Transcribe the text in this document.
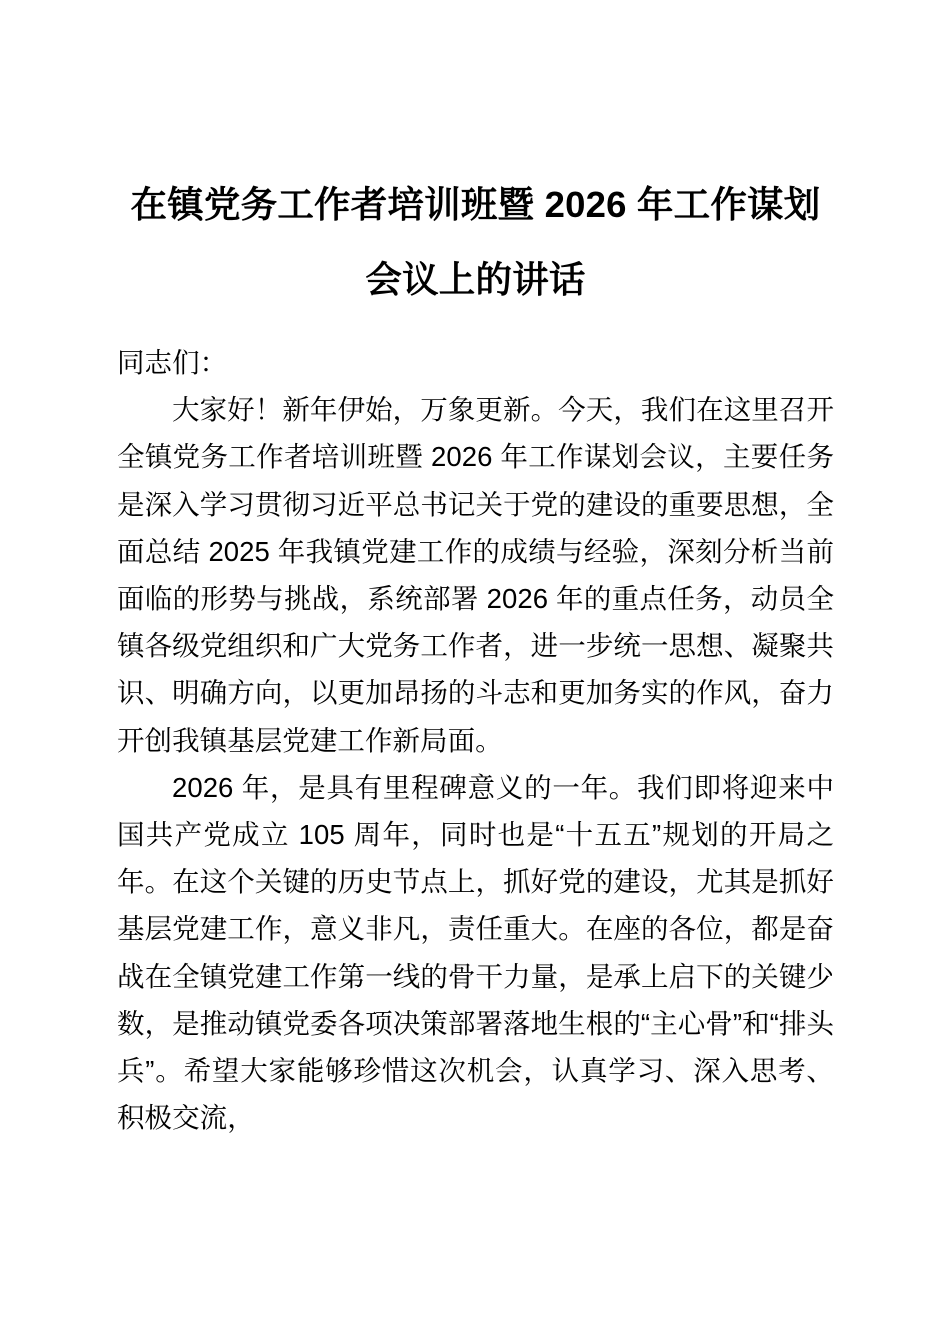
在镇党务工作者培训班暨 2026 年工作谋划
会议上的讲话

同志们：

大家好！新年伊始，万象更新。今天，我们在这里召开全镇党务工作者培训班暨 2026 年工作谋划会议，主要任务是深入学习贯彻习近平总书记关于党的建设的重要思想，全面总结 2025 年我镇党建工作的成绩与经验，深刻分析当前面临的形势与挑战，系统部署 2026 年的重点任务，动员全镇各级党组织和广大党务工作者，进一步统一思想、凝聚共识、明确方向，以更加昂扬的斗志和更加务实的作风，奋力开创我镇基层党建工作新局面。

2026 年，是具有里程碑意义的一年。我们即将迎来中国共产党成立 105 周年，同时也是“十五五”规划的开局之年。在这个关键的历史节点上，抓好党的建设，尤其是抓好基层党建工作，意义非凡，责任重大。在座的各位，都是奋战在全镇党建工作第一线的骨干力量，是承上启下的关键少数，是推动镇党委各项决策部署落地生根的“主心骨”和“排头兵”。希望大家能够珍惜这次机会，认真学习、深入思考、积极交流，
